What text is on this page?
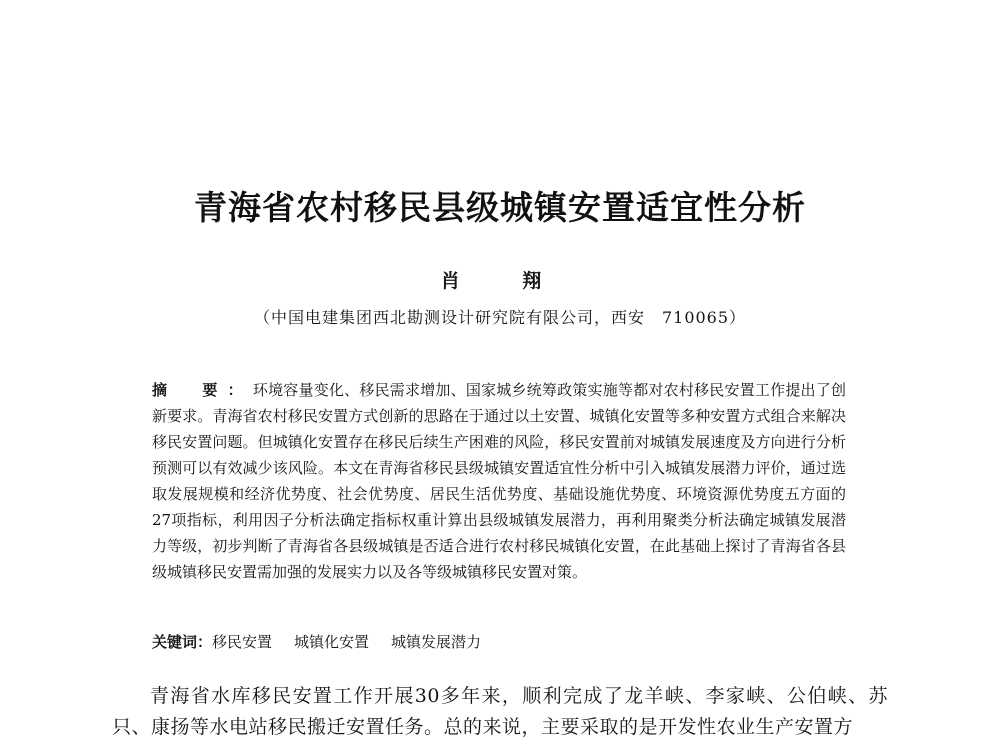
青海省农村移民县级城镇安置适宜性分析
肖 翔
（中国电建集团西北勘测设计研究院有限公司，西安　710065）
摘　要：环境容量变化、移民需求增加、国家城乡统筹政策实施等都对农村移民安置工作提出了创新要求。青海省农村移民安置方式创新的思路在于通过以土安置、城镇化安置等多种安置方式组合来解决移民安置问题。但城镇化安置存在移民后续生产困难的风险，移民安置前对城镇发展速度及方向进行分析预测可以有效减少该风险。本文在青海省移民县级城镇安置适宜性分析中引入城镇发展潜力评价，通过选取发展规模和经济优势度、社会优势度、居民生活优势度、基础设施优势度、环境资源优势度五方面的27项指标，利用因子分析法确定指标权重计算出县级城镇发展潜力，再利用聚类分析法确定城镇发展潜力等级，初步判断了青海省各县级城镇是否适合进行农村移民城镇化安置，在此基础上探讨了青海省各县级城镇移民安置需加强的发展实力以及各等级城镇移民安置对策。
关键词：移民安置 城镇化安置 城镇发展潜力

青海省水库移民安置工作开展30多年来，顺利完成了龙羊峡、李家峡、公伯峡、苏只、康扬等水电站移民搬迁安置任务。总的来说，主要采取的是开发性农业生产安置方
